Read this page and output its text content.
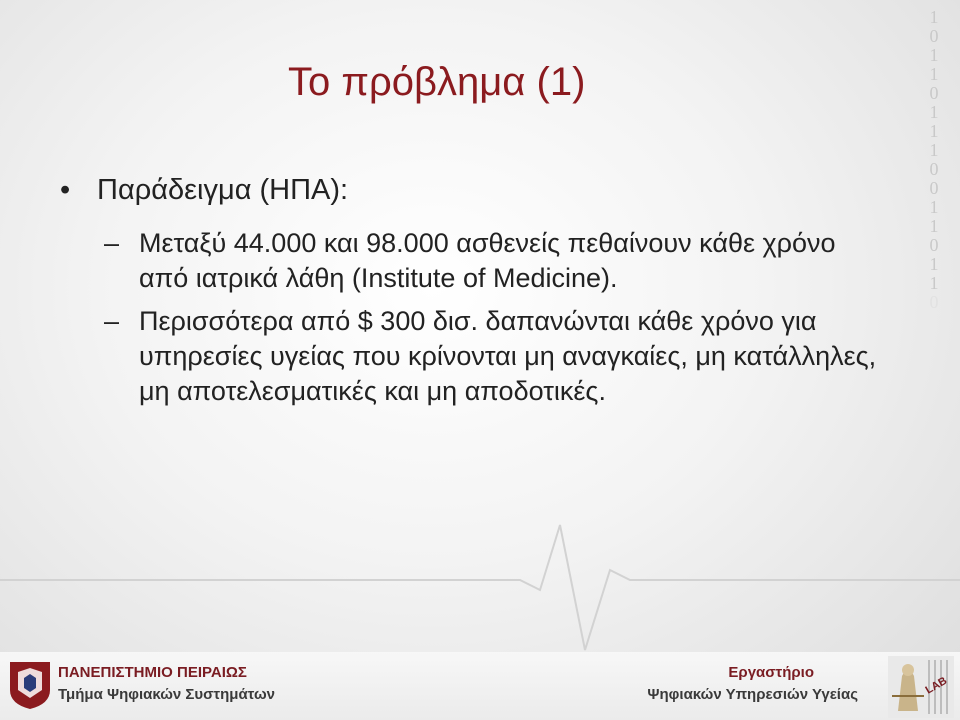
1
0
1
1
0
1
1
1
0
0
1
1
0
1
1
0
Το πρόβλημα (1)
• Παράδειγμα (ΗΠΑ):
– Μεταξύ 44.000 και 98.000 ασθενείς πεθαίνουν κάθε χρόνο από ιατρικά λάθη (Institute of Medicine).
– Περισσότερα από $ 300 δισ. δαπανώνται κάθε χρόνο για υπηρεσίες υγείας που κρίνονται μη αναγκαίες, μη κατάλληλες, μη αποτελεσματικές και μη αποδοτικές.
ΠΑΝΕΠΙΣΤΗΜΙΟ ΠΕΙΡΑΙΩΣ
Τμήμα Ψηφιακών Συστημάτων
Εργαστήριο
Ψηφιακών Υπηρεσιών Υγείας	LAB
